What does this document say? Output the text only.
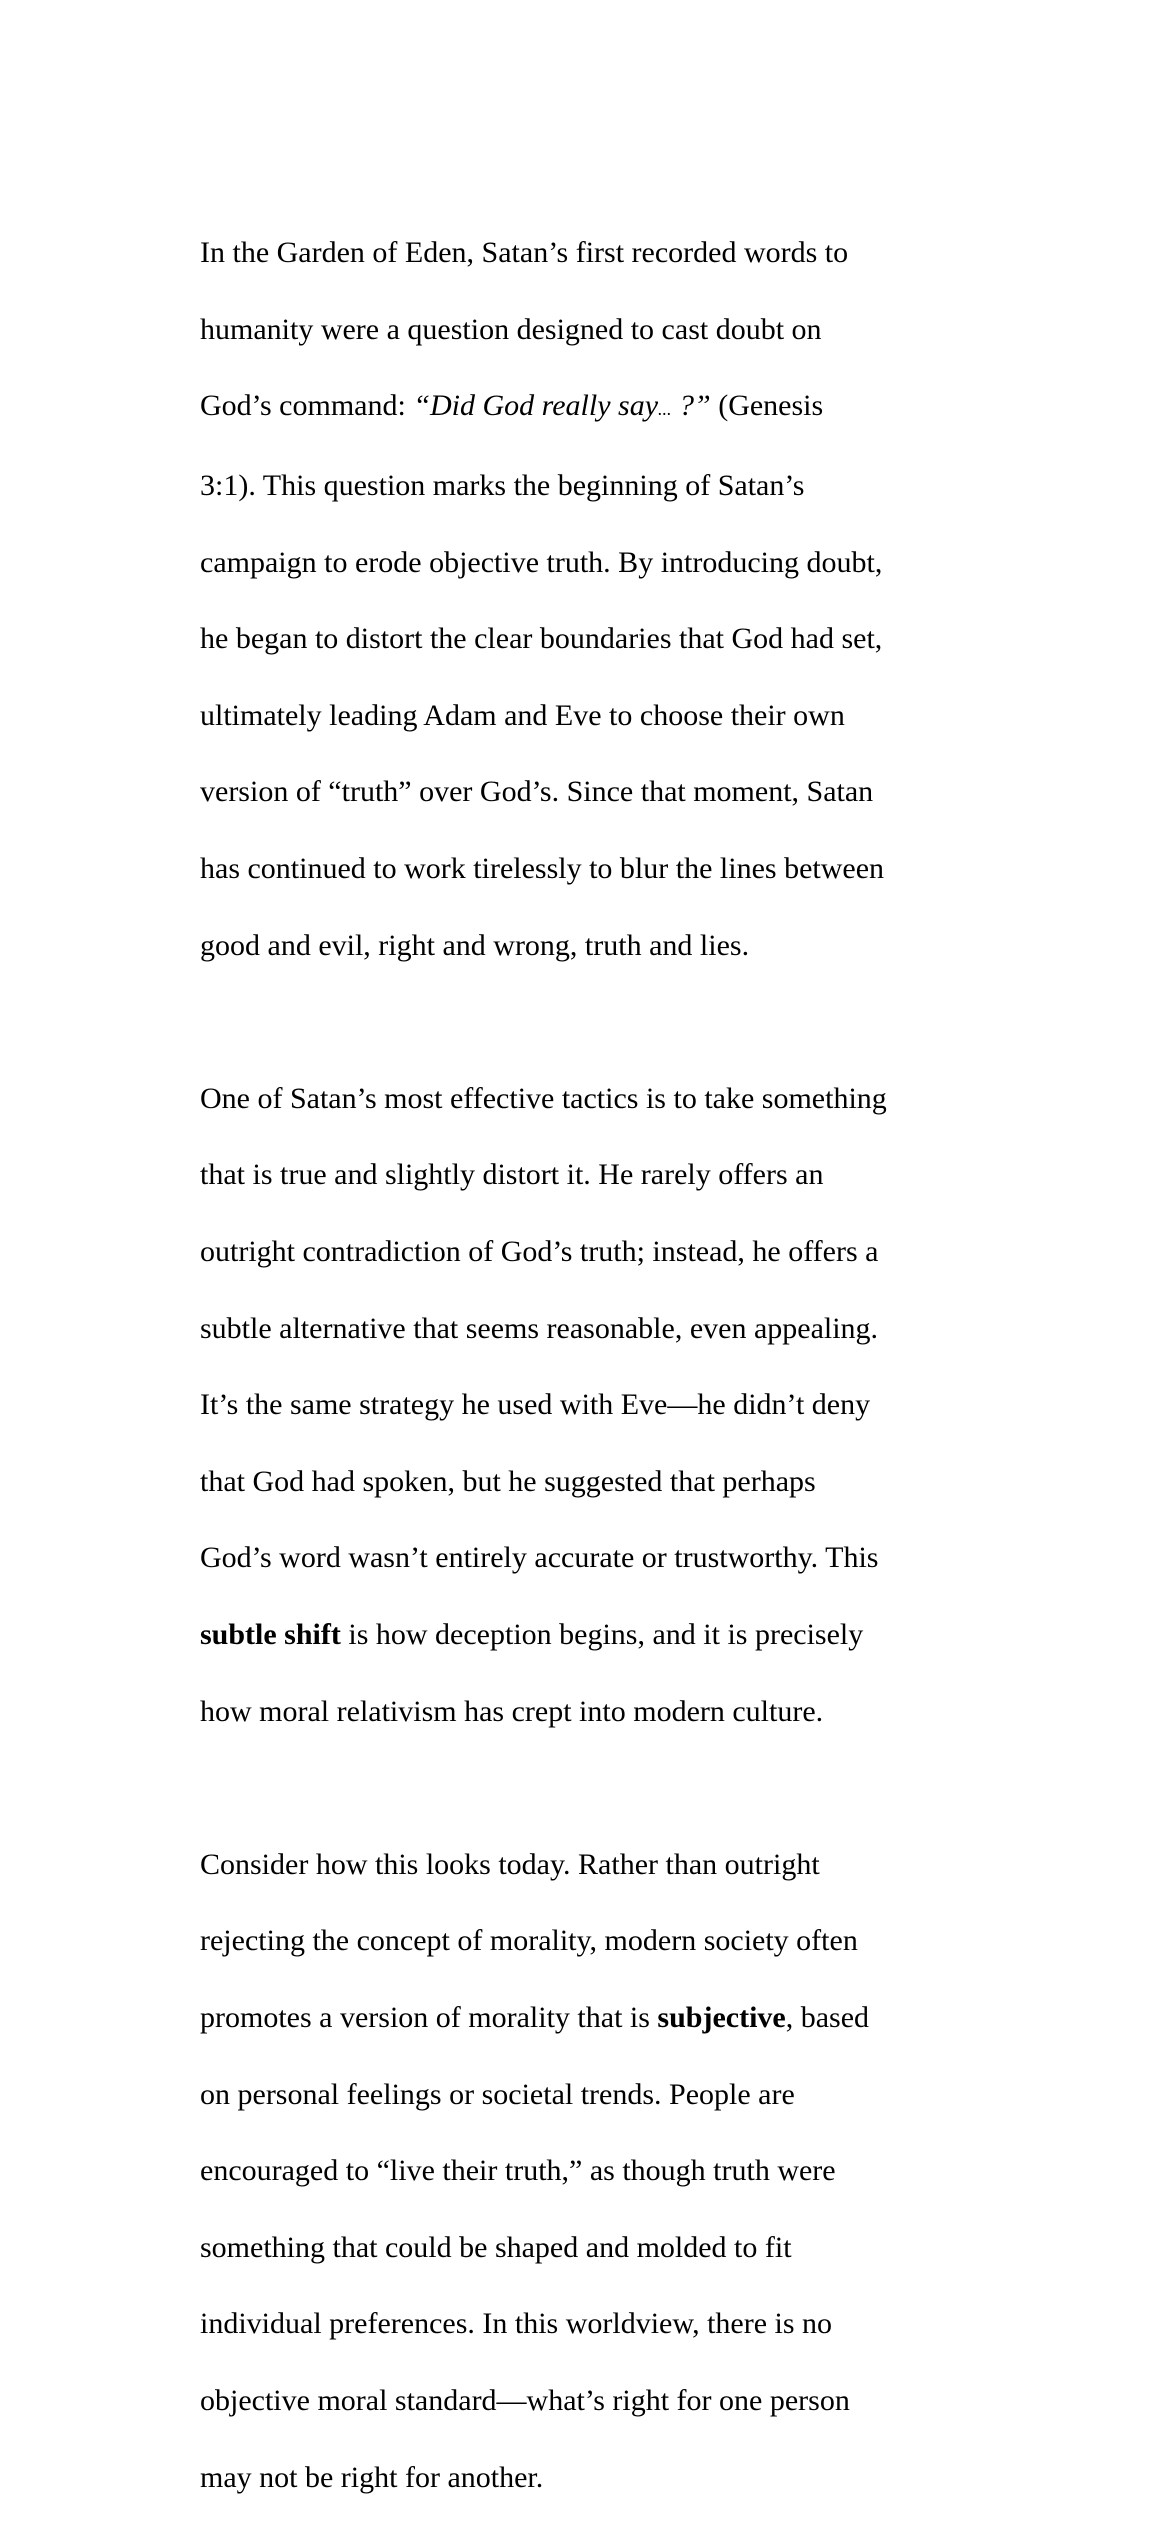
In the Garden of Eden, Satan’s first recorded words to

humanity were a question designed to cast doubt on

God’s command: “Did God really say... ?” (Genesis

3:1). This question marks the beginning of Satan’s

campaign to erode objective truth. By introducing doubt,

he began to distort the clear boundaries that God had set,

ultimately leading Adam and Eve to choose their own

version of “truth” over God’s. Since that moment, Satan

has continued to work tirelessly to blur the lines between

good and evil, right and wrong, truth and lies.

One of Satan’s most effective tactics is to take something

that is true and slightly distort it. He rarely offers an

outright contradiction of God’s truth; instead, he offers a

subtle alternative that seems reasonable, even appealing.

It’s the same strategy he used with Eve—he didn’t deny

that God had spoken, but he suggested that perhaps

God’s word wasn’t entirely accurate or trustworthy. This

subtle shift is how deception begins, and it is precisely

how moral relativism has crept into modern culture.

Consider how this looks today. Rather than outright

rejecting the concept of morality, modern society often

promotes a version of morality that is subjective, based

on personal feelings or societal trends. People are

encouraged to “live their truth,” as though truth were

something that could be shaped and molded to fit

individual preferences. In this worldview, there is no

objective moral standard—what’s right for one person

may not be right for another.
